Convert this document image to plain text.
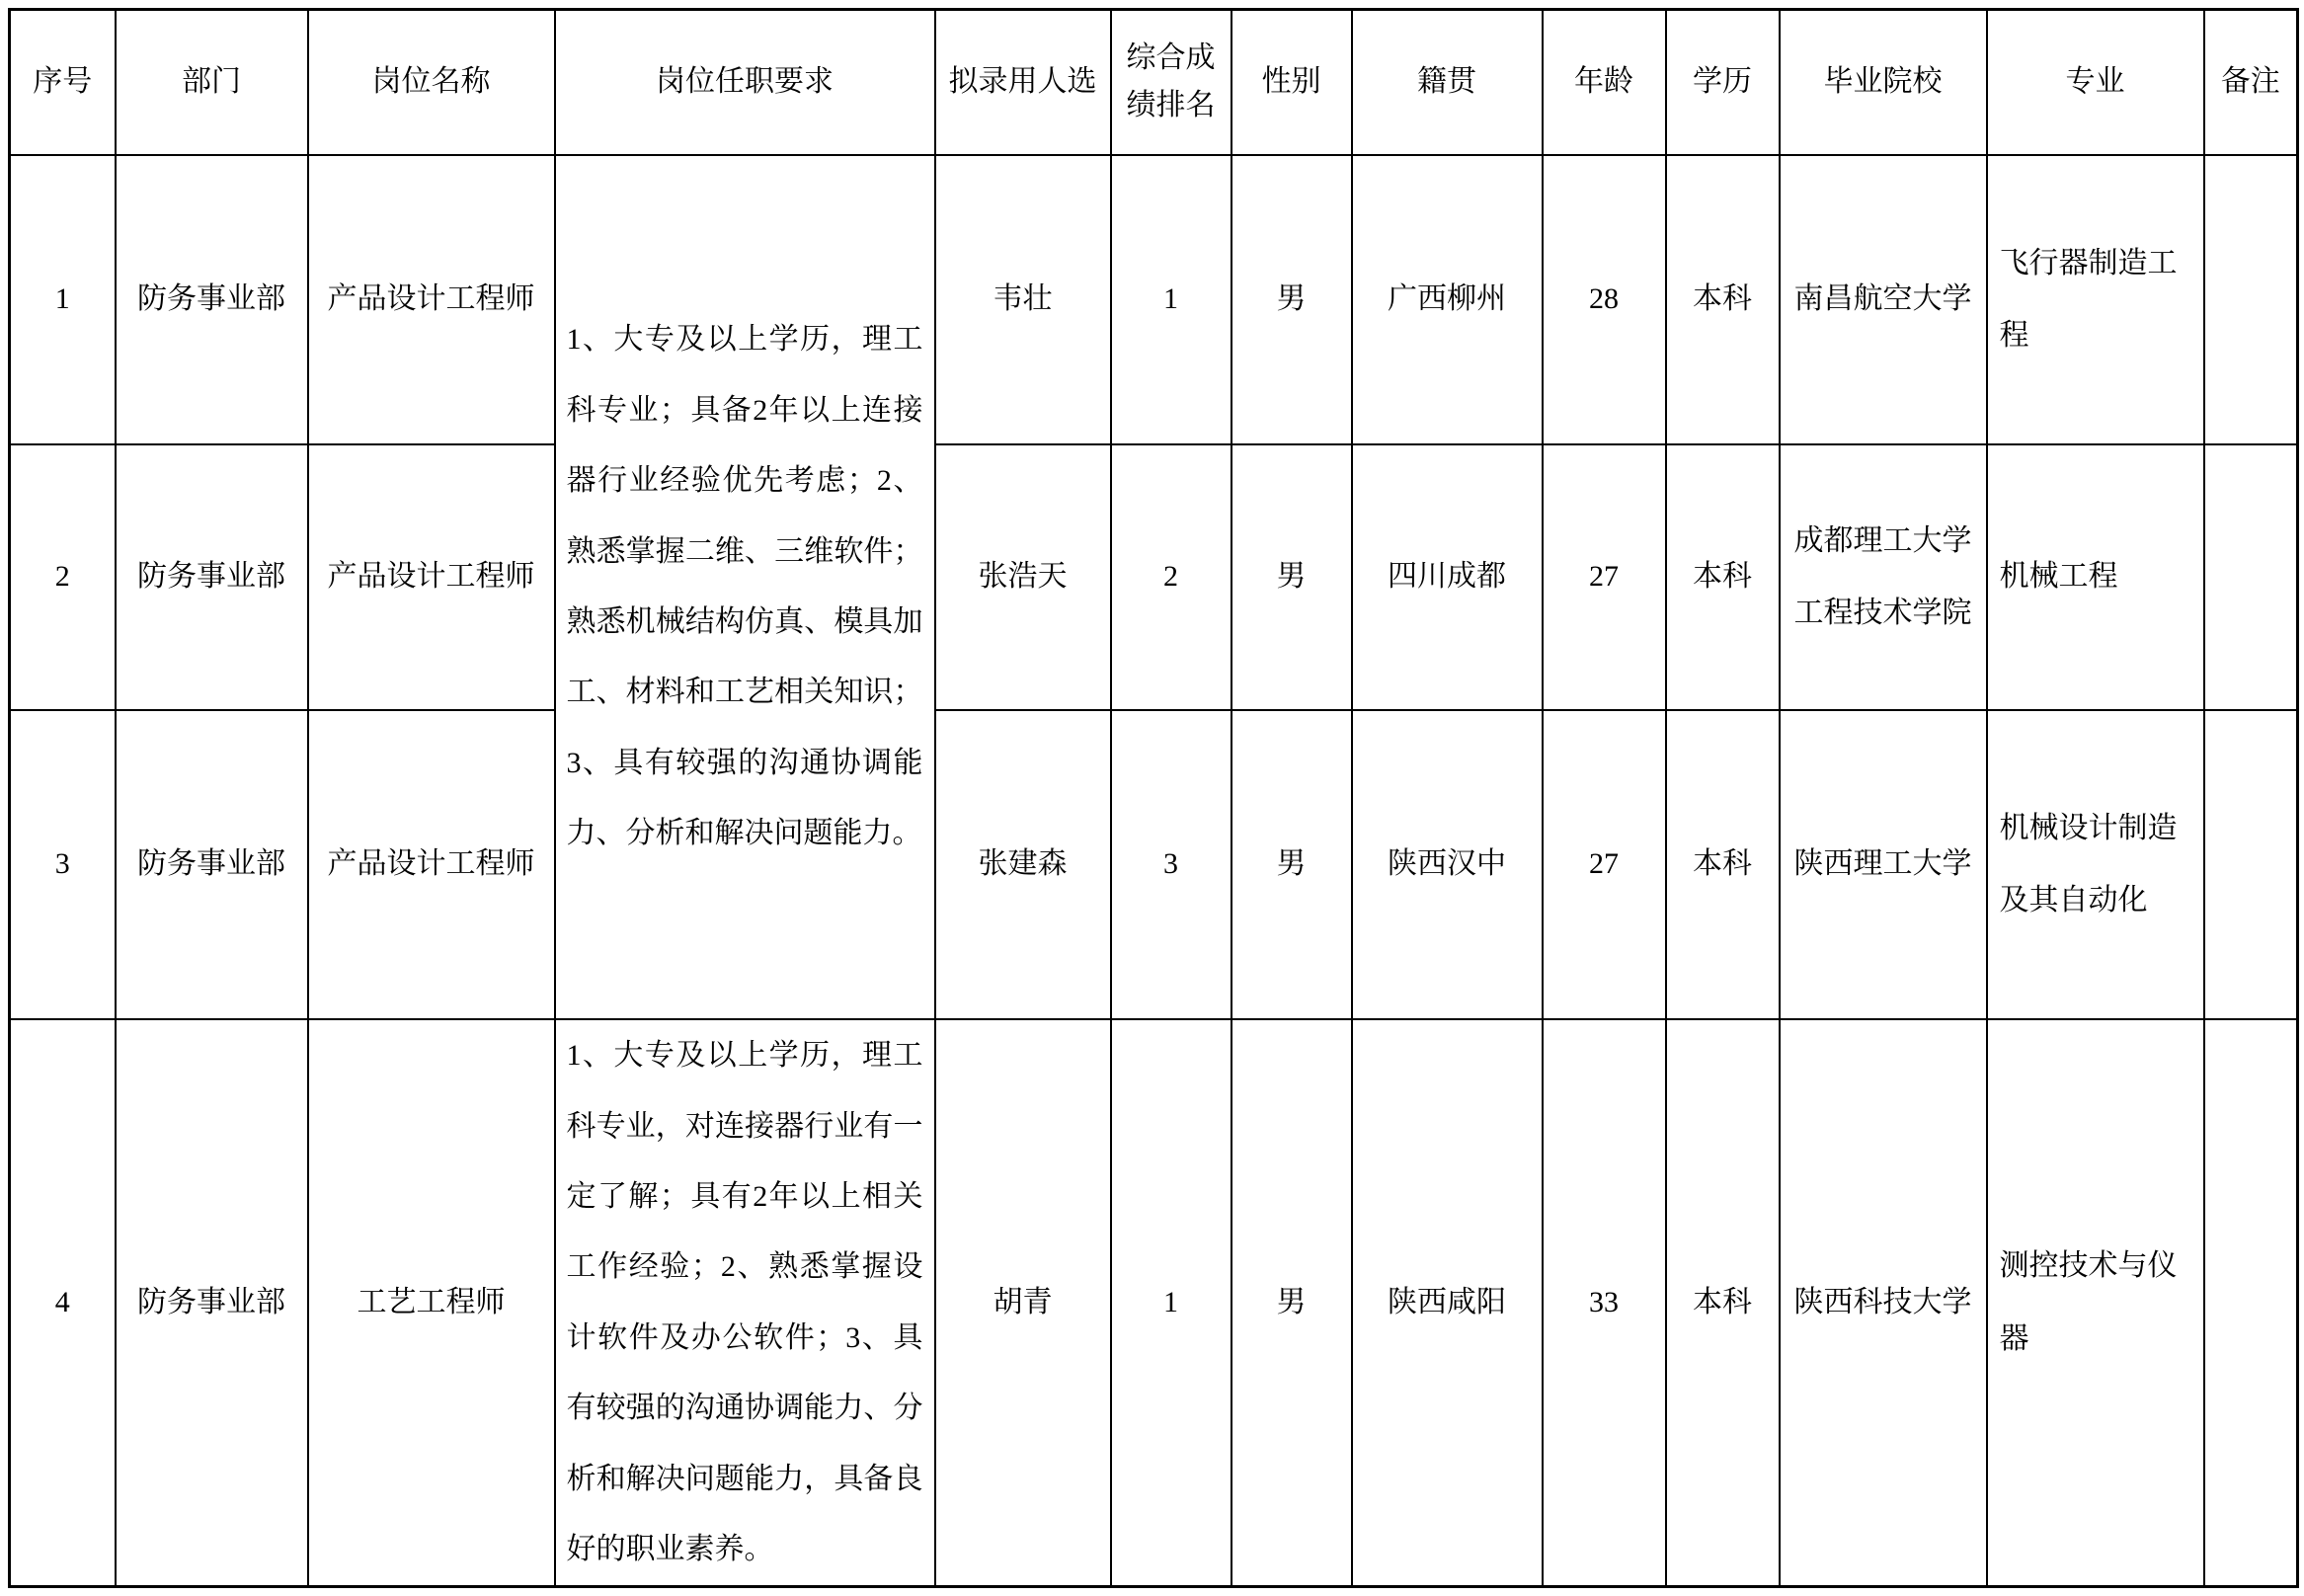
序号	部门	岗位名称	岗位任职要求	拟录用人选	综合成绩排名	性别	籍贯	年龄	学历	毕业院校	专业	备注
1	防务事业部	产品设计工程师	1、大专及以上学历，理工科专业；具备2年以上连接器行业经验优先考虑；2、熟悉掌握二维、三维软件；熟悉机械结构仿真、模具加工、材料和工艺相关知识；3、具有较强的沟通协调能力、分析和解决问题能力。	韦壮	1	男	广西柳州	28	本科	南昌航空大学	飞行器制造工程	
2	防务事业部	产品设计工程师		张浩天	2	男	四川成都	27	本科	成都理工大学工程技术学院	机械工程	
3	防务事业部	产品设计工程师		张建森	3	男	陕西汉中	27	本科	陕西理工大学	机械设计制造及其自动化	
4	防务事业部	工艺工程师	1、大专及以上学历，理工科专业，对连接器行业有一定了解；具有2年以上相关工作经验；2、熟悉掌握设计软件及办公软件；3、具有较强的沟通协调能力、分析和解决问题能力，具备良好的职业素养。	胡青	1	男	陕西咸阳	33	本科	陕西科技大学	测控技术与仪器	
